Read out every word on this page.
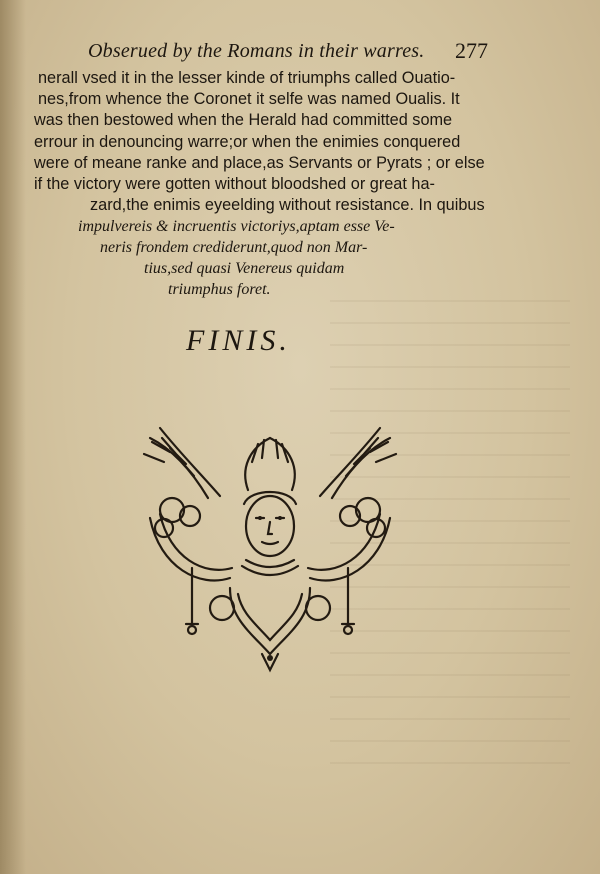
Obserued by the Romans in their warres. 277
nerall vsed it in the lesser kinde of triumphs called Ouatio-
nes,from whence the Coronet it selfe was named Oualis. It
was then bestowed when the Herald had committed some
errour in denouncing warre;or when the enimies conquered
were of meane ranke and place,as Servants or Pyrats ; or else
if the victory were gotten without bloodshed or great ha-
zard,the enimis eyeelding without resistance. In quibus
impulvereis & incruentis victoriys,aptam esse Ve-
neris frondem crediderunt,quod non Mar-
tius,sed quasi Venereus quidam
triumphus foret.
FINIS.
